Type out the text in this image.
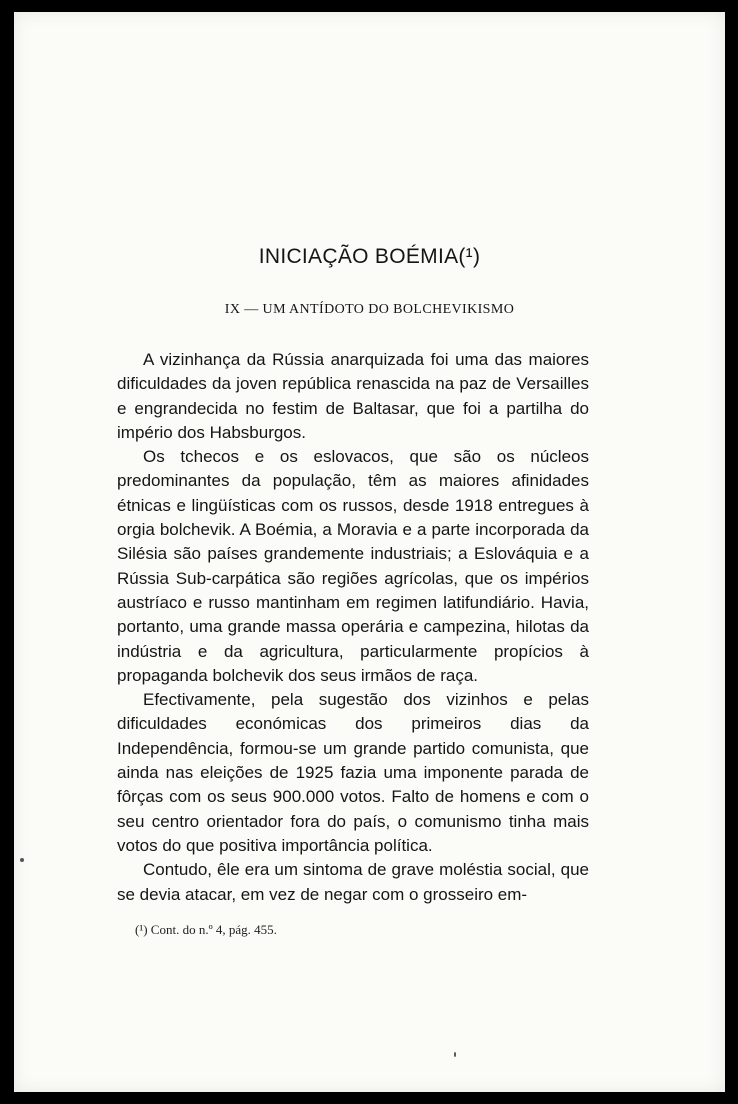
INICIAÇÃO BOÉMIA(¹)
IX — UM ANTÍDOTO DO BOLCHEVIKISMO

A vizinhança da Rússia anarquizada foi uma das maiores dificuldades da joven república renascida na paz de Versailles e engrandecida no festim de Baltasar, que foi a partilha do império dos Habsburgos.

Os tchecos e os eslovacos, que são os núcleos predominantes da população, têm as maiores afinidades étnicas e lingüísticas com os russos, desde 1918 entregues à orgia bolchevik. A Boémia, a Moravia e a parte incorporada da Silésia são países grandemente industriais; a Eslováquia e a Rússia Sub-carpática são regiões agrícolas, que os impérios austríaco e russo mantinham em regimen latifundiário. Havia, portanto, uma grande massa operária e campezina, hilotas da indústria e da agricultura, particularmente propícios à propaganda bolchevik dos seus irmãos de raça.

Efectivamente, pela sugestão dos vizinhos e pelas dificuldades económicas dos primeiros dias da Independência, formou-se um grande partido comunista, que ainda nas eleições de 1925 fazia uma imponente parada de fôrças com os seus 900.000 votos. Falto de homens e com o seu centro orientador fora do país, o comunismo tinha mais votos do que positiva importância política.

Contudo, êle era um sintoma de grave moléstia social, que se devia atacar, em vez de negar com o grosseiro em-

(¹) Cont. do n.º 4, pág. 455.
